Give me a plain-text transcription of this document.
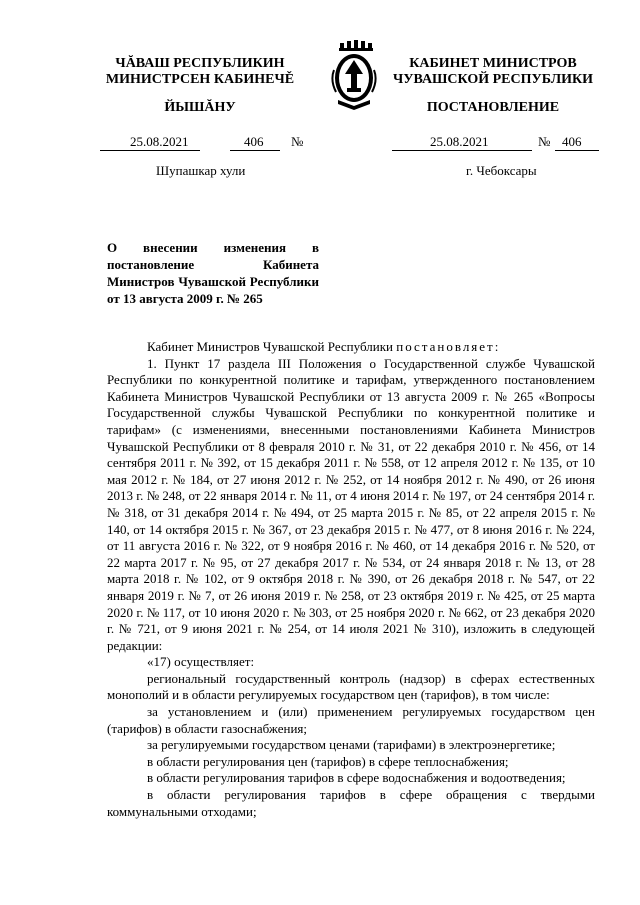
ЧĂВАШ РЕСПУБЛИКИН
МИНИСТРСЕН КАБИНЕЧĚ
ЙЫШĂНУ
КАБИНЕТ МИНИСТРОВ
ЧУВАШСКОЙ РЕСПУБЛИКИ
ПОСТАНОВЛЕНИЕ
25.08.2021	406 №	25.08.2021	№ 406
Шупашкар хули	г. Чебоксары
О внесении изменения в постановление Кабинета Министров Чувашской Республики от 13 августа 2009 г. № 265

Кабинет Министров Чувашской Республики постановляет:

1. Пункт 17 раздела III Положения о Государственной службе Чувашской Республики по конкурентной политике и тарифам, утвержденного постановлением Кабинета Министров Чувашской Республики от 13 августа 2009 г. № 265 «Вопросы Государственной службы Чувашской Республики по конкурентной политике и тарифам» (с изменениями, внесенными постановлениями Кабинета Министров Чувашской Республики от 8 февраля 2010 г. № 31, от 22 декабря 2010 г. № 456, от 14 сентября 2011 г. № 392, от 15 декабря 2011 г. № 558, от 12 апреля 2012 г. № 135, от 10 мая 2012 г. № 184, от 27 июня 2012 г. № 252, от 14 ноября 2012 г. № 490, от 26 июня 2013 г. № 248, от 22 января 2014 г. № 11, от 4 июня 2014 г. № 197, от 24 сентября 2014 г. № 318, от 31 декабря 2014 г. № 494, от 25 марта 2015 г. № 85, от 22 апреля 2015 г. № 140, от 14 октября 2015 г. № 367, от 23 декабря 2015 г. № 477, от 8 июня 2016 г. № 224, от 11 августа 2016 г. № 322, от 9 ноября 2016 г. № 460, от 14 декабря 2016 г. № 520, от 22 марта 2017 г. № 95, от 27 декабря 2017 г. № 534, от 24 января 2018 г. № 13, от 28 марта 2018 г. № 102, от 9 октября 2018 г. № 390, от 26 декабря 2018 г. № 547, от 22 января 2019 г. № 7, от 26 июня 2019 г. № 258, от 23 октября 2019 г. № 425, от 25 марта 2020 г. № 117, от 10 июня 2020 г. № 303, от 25 ноября 2020 г. № 662, от 23 декабря 2020 г. № 721, от 9 июня 2021 г. № 254, от 14 июля 2021 № 310), изложить в следующей редакции:

«17) осуществляет:

региональный государственный контроль (надзор) в сферах естественных монополий и в области регулируемых государством цен (тарифов), в том числе:

за установлением и (или) применением регулируемых государством цен (тарифов) в области газоснабжения;

за регулируемыми государством ценами (тарифами) в электроэнергетике;

в области регулирования цен (тарифов) в сфере теплоснабжения;

в области регулирования тарифов в сфере водоснабжения и водоотведения;

в области регулирования тарифов в сфере обращения с твердыми коммунальными отходами;
